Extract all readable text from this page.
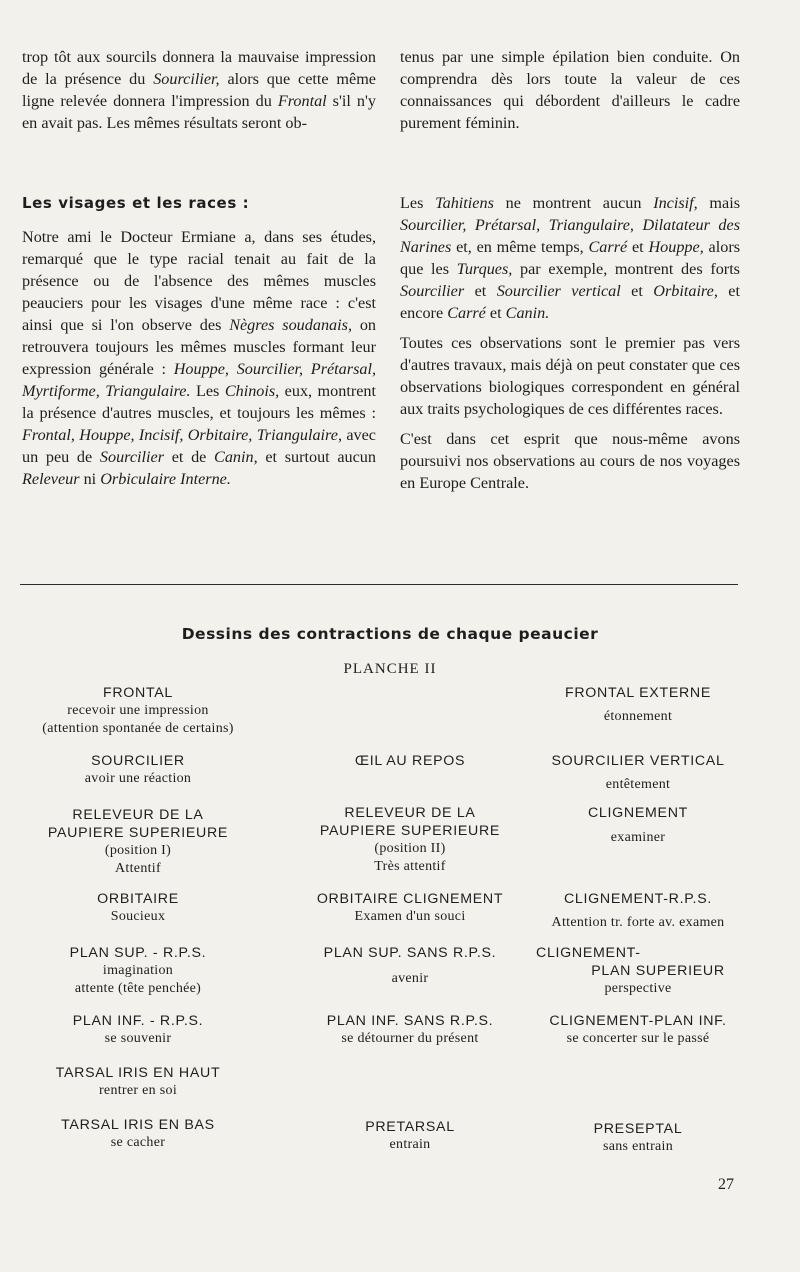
trop tôt aux sourcils donnera la mauvaise impression de la présence du Sourcilier, alors que cette même ligne relevée donnera l'impression du Frontal s'il n'y en avait pas. Les mêmes résultats seront ob-

tenus par une simple épilation bien conduite. On comprendra dès lors toute la valeur de ces connaissances qui débordent d'ailleurs le cadre purement féminin.

Les visages et les races :

Notre ami le Docteur Ermiane a, dans ses études, remarqué que le type racial tenait au fait de la présence ou de l'absence des mêmes muscles peauciers pour les visages d'une même race : c'est ainsi que si l'on observe des Nègres soudanais, on retrouvera toujours les mêmes muscles formant leur expression générale : Houppe, Sourcilier, Prétarsal, Myrtiforme, Triangulaire. Les Chinois, eux, montrent la présence d'autres muscles, et toujours les mêmes : Frontal, Houppe, Incisif, Orbitaire, Triangulaire, avec un peu de Sourcilier et de Canin, et surtout aucun Releveur ni Orbiculaire Interne.

Les Tahitiens ne montrent aucun Incisif, mais Sourcilier, Prétarsal, Triangulaire, Dilatateur des Narines et, en même temps, Carré et Houppe, alors que les Turques, par exemple, montrent des forts Sourcilier et Sourcilier vertical et Orbitaire, et encore Carré et Canin.

Toutes ces observations sont le premier pas vers d'autres travaux, mais déjà on peut constater que ces observations biologiques correspondent en général aux traits psychologiques de ces différentes races.

C'est dans cet esprit que nous-même avons poursuivi nos observations au cours de nos voyages en Europe Centrale.

Dessins des contractions de chaque peaucier
PLANCHE II
FRONTAL
recevoir une impression
(attention spontanée de certains)
FRONTAL EXTERNE
étonnement
SOURCILIER
avoir une réaction
ŒIL AU REPOS	SOURCILIER VERTICAL
entêtement
RELEVEUR DE LA
PAUPIERE SUPERIEURE
(position I)
Attentif
RELEVEUR DE LA
PAUPIERE SUPERIEURE
(position II)
Très attentif
CLIGNEMENT
examiner
ORBITAIRE
Soucieux
ORBITAIRE CLIGNEMENT
Examen d'un souci
CLIGNEMENT-R.P.S.
Attention tr. forte av. examen
PLAN SUP. - R.P.S.
imagination
attente (tête penchée)
PLAN SUP. SANS R.P.S.
avenir
CLIGNEMENT-
PLAN SUPERIEUR
perspective
PLAN INF. - R.P.S.
se souvenir
PLAN INF. SANS R.P.S.
se détourner du présent
CLIGNEMENT-PLAN INF.
se concerter sur le passé
TARSAL IRIS EN HAUT
rentrer en soi
TARSAL IRIS EN BAS
se cacher
PRETARSAL
entrain
PRESEPTAL
sans entrain
27
